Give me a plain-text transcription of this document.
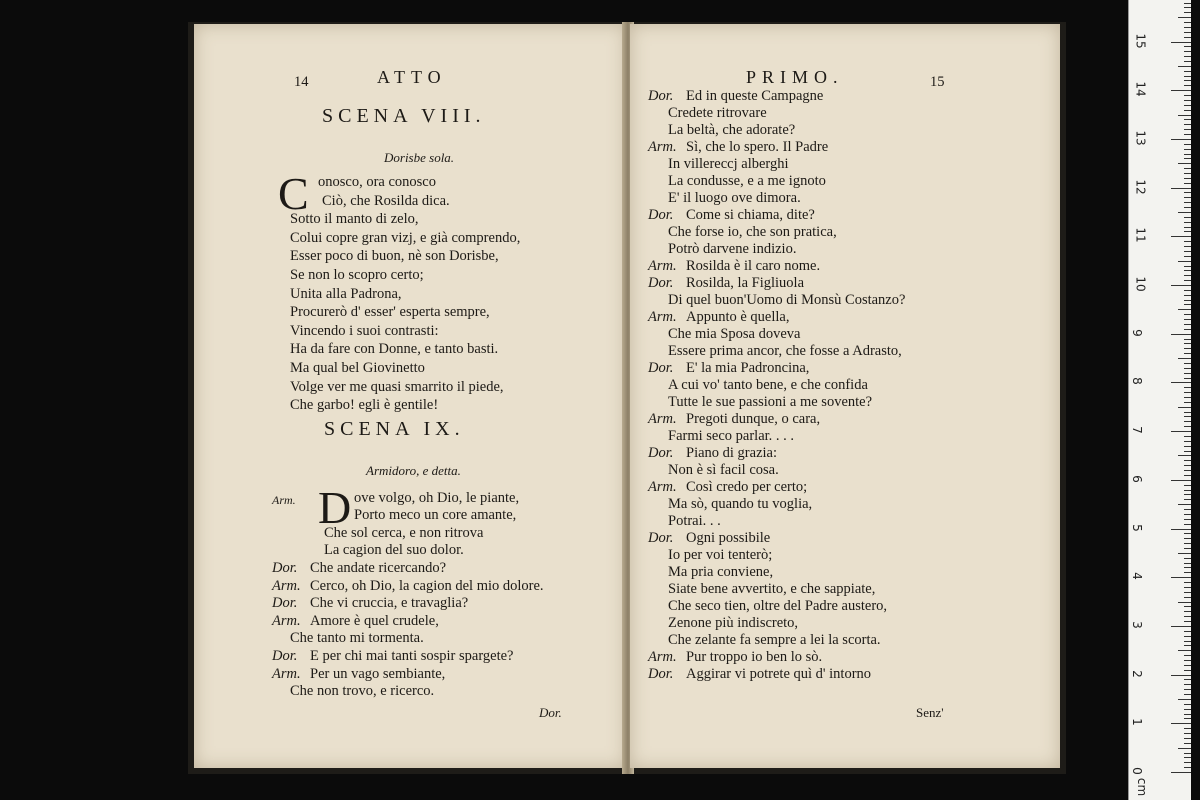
14	ATTO
SCENA VIII.
Dorisbe sola.
C
SCENA IX.
Armidoro, e detta.
Arm. D
Dor.
onosco, ora conosco
Ciò, che Rosilda dica.
Sotto il manto di zelo,
Colui copre gran vizj, e già comprendo,
Esser poco di buon, nè son Dorisbe,
Se non lo scopro certo;
Unita alla Padrona,
Procurerò d' esser' esperta sempre,
Vincendo i suoi contrasti:
Ha da fare con Donne, e tanto basti.
Ma qual bel Giovinetto
Volge ver me quasi smarrito il piede,
Che garbo! egli è gentile!
ove volgo, oh Dio, le piante,
Porto meco un core amante,
Che sol cerca, e non ritrova
La cagion del suo dolor.
Dor. Che andate ricercando?
Arm. Cerco, oh Dio, la cagion del mio dolore.
Dor. Che vi cruccia, e travaglia?
Arm. Amore è quel crudele,
Che tanto mi tormenta.
Dor. E per chi mai tanti sospir spargete?
Arm. Per un vago sembiante,
Che non trovo, e ricerco.
PRIMO.	15
Senz'
Dor. Ed in queste Campagne
Credete ritrovare
La beltà, che adorate?
Arm. Sì, che lo spero. Il Padre
In villereccj alberghi
La condusse, e a me ignoto
E' il luogo ove dimora.
Dor. Come si chiama, dite?
Che forse io, che son pratica,
Potrò darvene indizio.
Arm. Rosilda è il caro nome.
Dor. Rosilda, la Figliuola
Di quel buon'Uomo di Monsù Costanzo?
Arm. Appunto è quella,
Che mia Sposa doveva
Essere prima ancor, che fosse a Adrasto,
Dor. E' la mia Padroncina,
A cui vo' tanto bene, e che confida
Tutte le sue passioni a me sovente?
Arm. Pregoti dunque, o cara,
Farmi seco parlar. . . .
Dor. Piano di grazia:
Non è sì facil cosa.
Arm. Così credo per certo;
Ma sò, quando tu voglia,
Potrai. . .
Dor. Ogni possibile
Io per voi tenterò;
Ma pria conviene,
Siate bene avvertito, e che sappiate,
Che seco tien, oltre del Padre austero,
Zenone più indiscreto,
Che zelante fa sempre a lei la scorta.
Arm. Pur troppo io ben lo sò.
Dor. Aggirar vi potrete quì d' intorno
0
1
2
3
4
5
6
7
8
9
10
11
12
13
14
15
cm
